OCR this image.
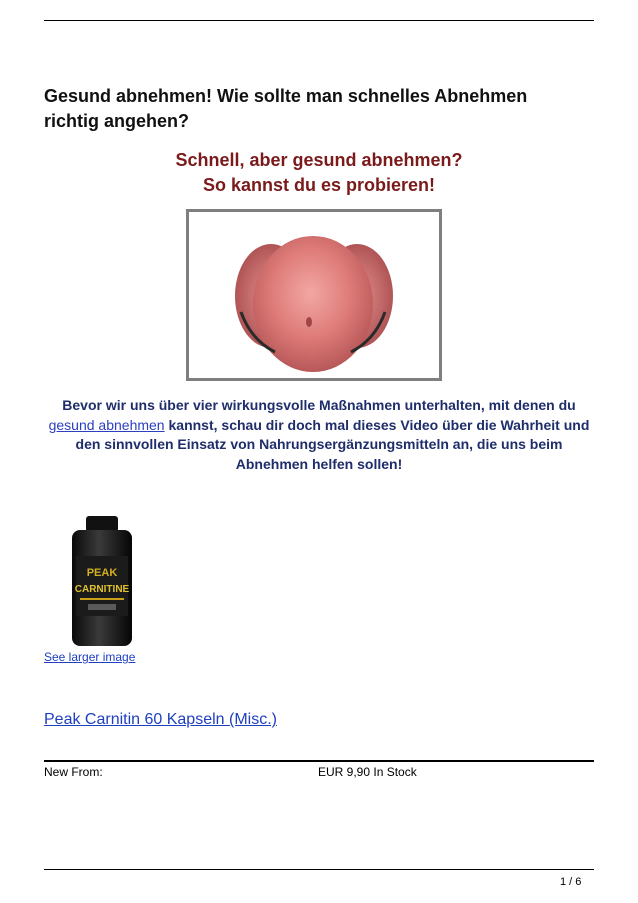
Gesund abnehmen! Wie sollte man schnelles Abnehmen richtig angehen?
Schnell, aber gesund abnehmen?
So kannst du es probieren!
Bevor wir uns über vier wirkungsvolle Maßnahmen unterhalten, mit denen du gesund abnehmen kannst, schau dir doch mal dieses Video über die Wahrheit und den sinnvollen Einsatz von Nahrungsergänzungsmitteln an, die uns beim Abnehmen helfen sollen!
PEAK
CARNITINE
See larger image
Peak Carnitin 60 Kapseln (Misc.)
New From:	EUR 9,90 In Stock
1 / 6
